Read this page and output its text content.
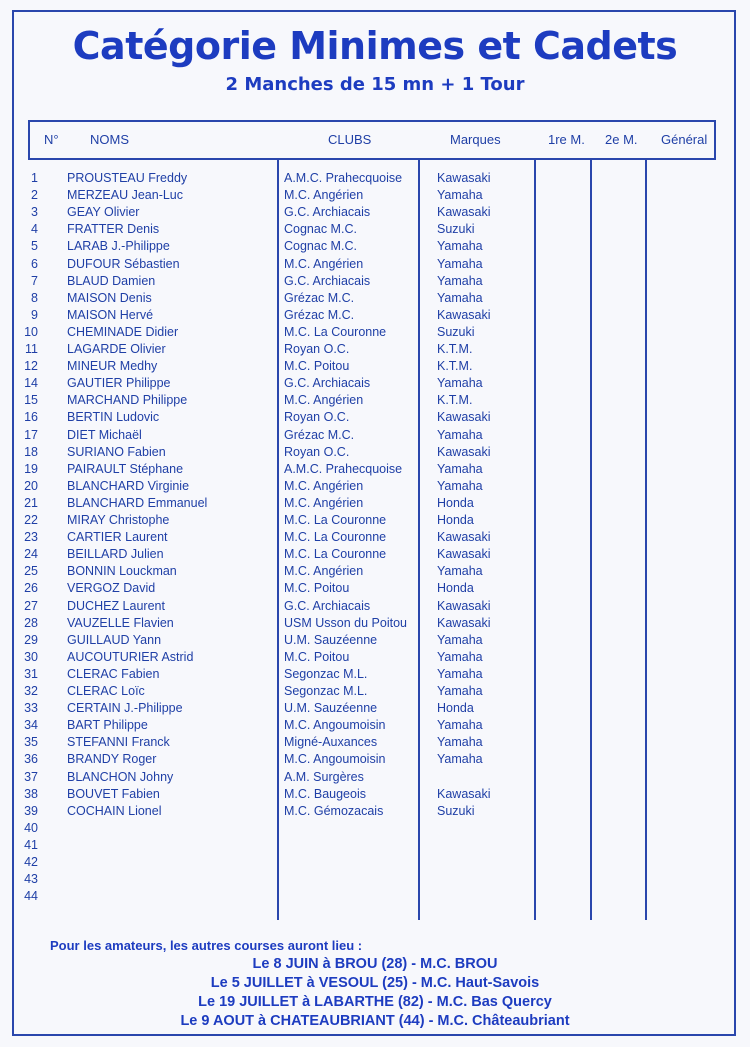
Catégorie Minimes et Cadets
2 Manches de 15 mn + 1 Tour
N° NOMS	CLUBS	Marques	1re M. 2e M. Général
1 PROUSTEAU Freddy	A.M.C. Prahecquoise	Kawasaki
2 MERZEAU Jean-Luc	M.C. Angérien	Yamaha
3 GEAY Olivier	G.C. Archiacais	Kawasaki
4 FRATTER Denis	Cognac M.C.	Suzuki
5 LARAB J.-Philippe	Cognac M.C.	Yamaha
6 DUFOUR Sébastien	M.C. Angérien	Yamaha
7 BLAUD Damien	G.C. Archiacais	Yamaha
8 MAISON Denis	Grézac M.C.	Yamaha
9 MAISON Hervé	Grézac M.C.	Kawasaki
10 CHEMINADE Didier	M.C. La Couronne	Suzuki
11 LAGARDE Olivier	Royan O.C.	K.T.M.
12 MINEUR Medhy	M.C. Poitou	K.T.M.
14 GAUTIER Philippe	G.C. Archiacais	Yamaha
15 MARCHAND Philippe	M.C. Angérien	K.T.M.
16 BERTIN Ludovic	Royan O.C.	Kawasaki
17 DIET Michaël	Grézac M.C.	Yamaha
18 SURIANO Fabien	Royan O.C.	Kawasaki
19 PAIRAULT Stéphane	A.M.C. Prahecquoise	Yamaha
20 BLANCHARD Virginie	M.C. Angérien	Yamaha
21 BLANCHARD Emmanuel	M.C. Angérien	Honda
22 MIRAY Christophe	M.C. La Couronne	Honda
23 CARTIER Laurent	M.C. La Couronne	Kawasaki
24 BEILLARD Julien	M.C. La Couronne	Kawasaki
25 BONNIN Louckman	M.C. Angérien	Yamaha
26 VERGOZ David	M.C. Poitou	Honda
27 DUCHEZ Laurent	G.C. Archiacais	Kawasaki
28 VAUZELLE Flavien	USM Usson du Poitou Kawasaki
29 GUILLAUD Yann	U.M. Sauzéenne	Yamaha
30 AUCOUTURIER Astrid	M.C. Poitou	Yamaha
31 CLERAC Fabien	Segonzac M.L.	Yamaha
32 CLERAC Loïc	Segonzac M.L.	Yamaha
33 CERTAIN J.-Philippe	U.M. Sauzéenne	Honda
34 BART Philippe	M.C. Angoumoisin	Yamaha
35 STEFANNI Franck	Migné-Auxances	Yamaha
36 BRANDY Roger	M.C. Angoumoisin	Yamaha
37 BLANCHON Johny	A.M. Surgères
38 BOUVET Fabien	M.C. Baugeois	Kawasaki
39 COCHAIN Lionel	M.C. Gémozacais	Suzuki
40
41
42
43
44
Pour les amateurs, les autres courses auront lieu :
Le 8 JUIN à BROU (28) - M.C. BROU
Le 5 JUILLET à VESOUL (25) - M.C. Haut-Savois
Le 19 JUILLET à LABARTHE (82) - M.C. Bas Quercy
Le 9 AOUT à CHATEAUBRIANT (44) - M.C. Châteaubriant
